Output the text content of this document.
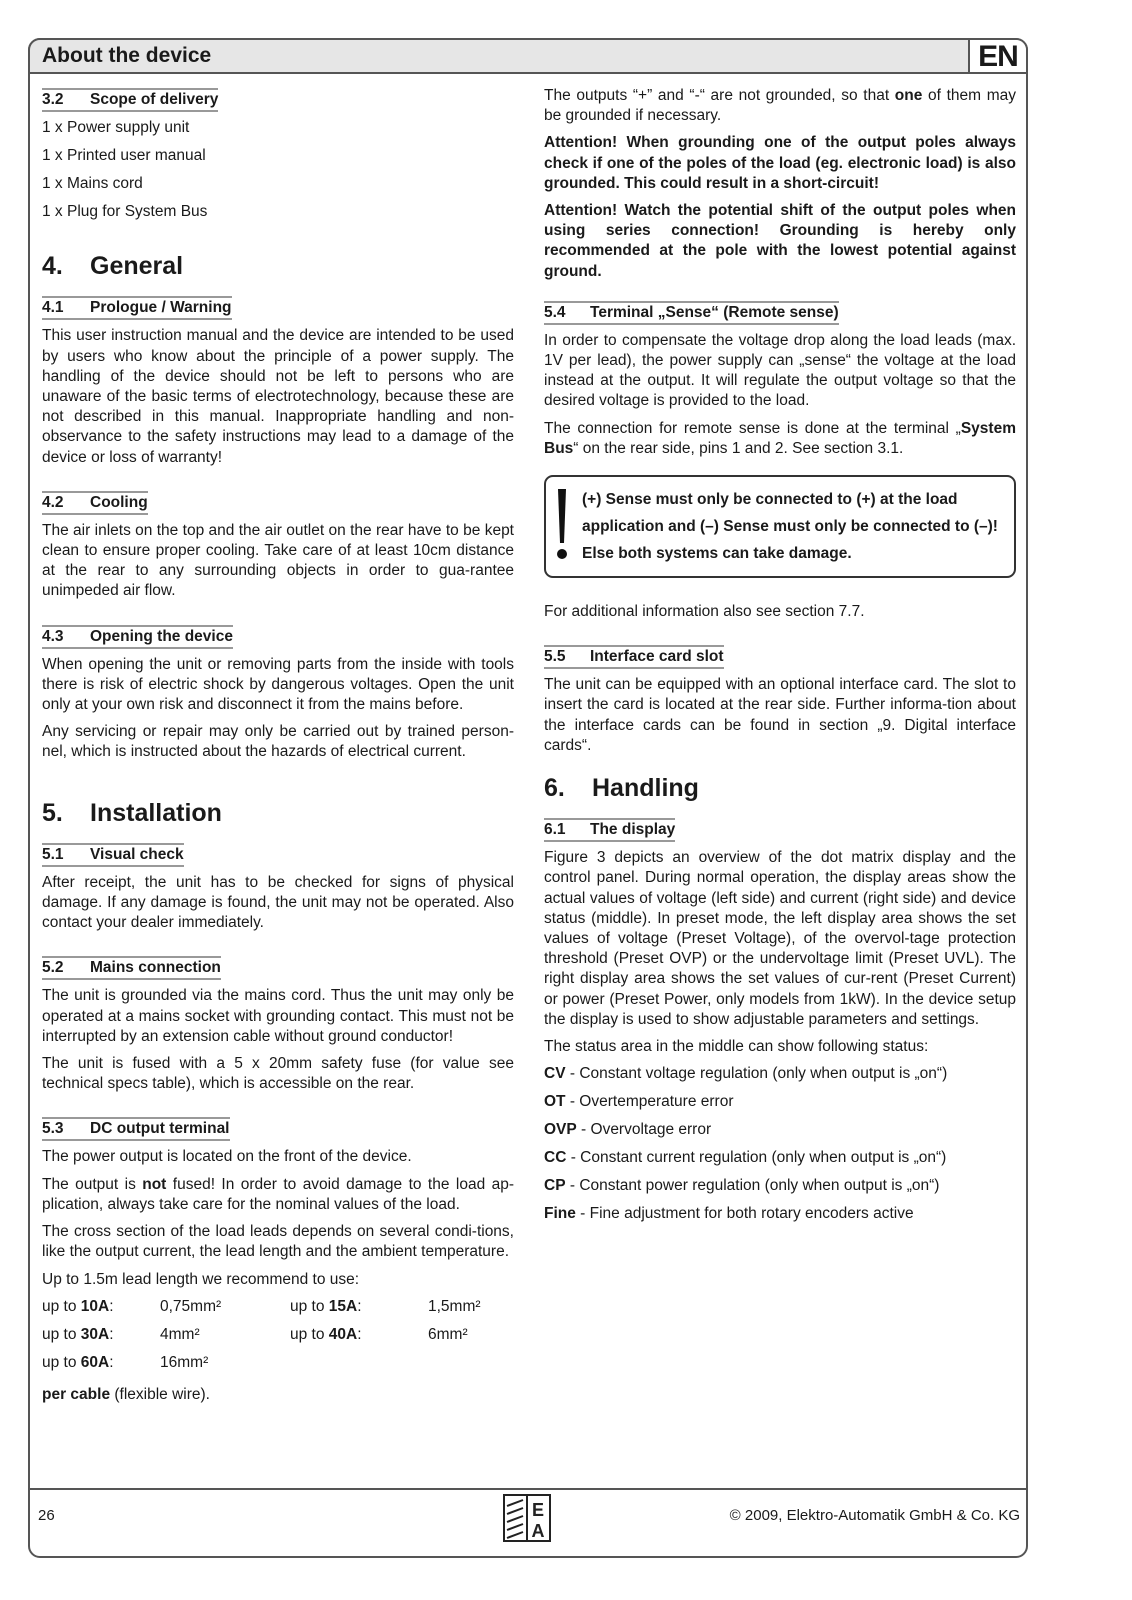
About the device	EN
3.2 Scope of delivery

1 x Power supply unit

1 x Printed user manual

1 x Mains cord

1 x Plug for System Bus

4. General
4.1 Prologue / Warning

This user instruction manual and the device are intended to be used by users who know about the principle of a power supply. The handling of the device should not be left to persons who are unaware of the basic terms of electrotechnology, because these are not described in this manual. Inappropriate handling and non-observance to the safety instructions may lead to a damage of the device or loss of warranty!

4.2 Cooling

The air inlets on the top and the air outlet on the rear have to be kept clean to ensure proper cooling. Take care of at least 10cm distance at the rear to any surrounding objects in order to gua-rantee unimpeded air flow.

4.3 Opening the device

When opening the unit or removing parts from the inside with tools there is risk of electric shock by dangerous voltages. Open the unit only at your own risk and disconnect it from the mains before.

Any servicing or repair may only be carried out by trained person-nel, which is instructed about the hazards of electrical current.

5. Installation
5.1 Visual check

After receipt, the unit has to be checked for signs of physical damage. If any damage is found, the unit may not be operated. Also contact your dealer immediately.

5.2 Mains connection

The unit is grounded via the mains cord. Thus the unit may only be operated at a mains socket with grounding contact. This must not be interrupted by an extension cable without ground conductor!

The unit is fused with a 5 x 20mm safety fuse (for value see technical specs table), which is accessible on the rear.

5.3 DC output terminal

The power output is located on the front of the device.

The output is not fused! In order to avoid damage to the load ap-plication, always take care for the nominal values of the load.

The cross section of the load leads depends on several condi-tions, like the output current, the lead length and the ambient temperature.

Up to 1.5m lead length we recommend to use:

up to 10A:	0,75mm²	up to 15A:	1,5mm²
up to 30A:	4mm²	up to 40A:	6mm²
up to 60A:	16mm²		

per cable (flexible wire).

The outputs “+” and “-“ are not grounded, so that one of them may be grounded if necessary.

Attention! When grounding one of the output poles always check if one of the poles of the load (eg. electronic load) is also grounded. This could result in a short-circuit!

Attention! Watch the potential shift of the output poles when using series connection! Grounding is hereby only recommended at the pole with the lowest potential against ground.

5.4 Terminal „Sense“ (Remote sense)

In order to compensate the voltage drop along the load leads (max. 1V per lead), the power supply can „sense“ the voltage at the load instead at the output. It will regulate the output voltage so that the desired voltage is provided to the load.

The connection for remote sense is done at the terminal „System Bus“ on the rear side, pins 1 and 2. See section 3.1.

(+) Sense must only be connected to (+) at the load application and (–) Sense must only be connected to (–)! Else both systems can take damage.

For additional information also see section 7.7.

5.5 Interface card slot

The unit can be equipped with an optional interface card. The slot to insert the card is located at the rear side. Further informa-tion about the interface cards can be found in section „9. Digital interface cards“.

6. Handling
6.1 The display

Figure 3 depicts an overview of the dot matrix display and the control panel. During normal operation, the display areas show the actual values of voltage (left side) and current (right side) and device status (middle). In preset mode, the left display area shows the set values of voltage (Preset Voltage), of the overvol-tage protection threshold (Preset OVP) or the undervoltage limit (Preset UVL). The right display area shows the set values of cur-rent (Preset Current) or power (Preset Power, only models from 1kW). In the device setup the display is used to show adjustable parameters and settings.

The status area in the middle can show following status:

CV - Constant voltage regulation (only when output is „on“)

OT - Overtemperature error

OVP - Overvoltage error

CC - Constant current regulation (only when output is „on“)

CP - Constant power regulation (only when output is „on“)

Fine - Fine adjustment for both rotary encoders active

26	E
A
© 2009, Elektro-Automatik GmbH & Co. KG
